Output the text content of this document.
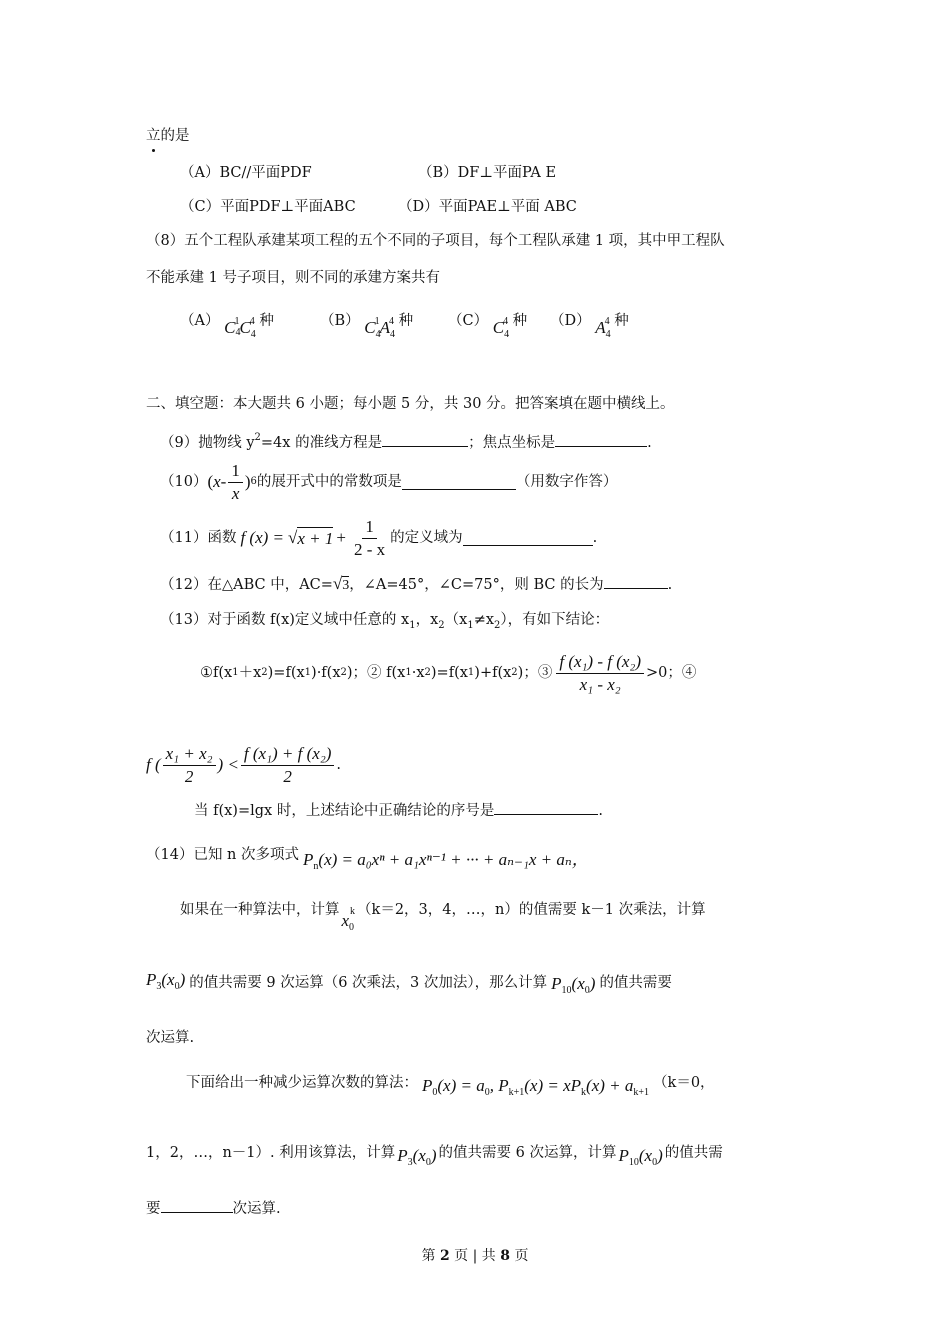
立的是
（A）BC//平面PDF	（B）DF⊥平面PA E
（C）平面PDF⊥平面ABC	（D）平面PAE⊥平面 ABC
（8）五个工程队承建某项工程的五个不同的子项目，每个工程队承建 1 项，其中甲工程队
不能承建 1 号子项目，则不同的承建方案共有
（A） $C_4^1C_4^4$ 种	（B） $C_4^1A_4^4$ 种 （C） $C_4^4$ 种 （D） $A_4^4$ 种
二、填空题：本大题共 6 小题；每小题 5 分，共 30 分。把答案填在题中横线上。
（9）抛物线 $y^2=4x$ 的准线方程是	；焦点坐标是	.
（10） ( x - $\frac{1}{x}$ ) 6 的展开式中的常数项是	（用数字作答）
（11）函数 f (x) = √ $x + 1 + \frac{1}{2 - x}$ 的定义域为	.
（12）在△ABC 中，AC=√3，∠A=45°，∠C=75°，则 BC 的长为	.
（13）对于函数 f(x)定义域中任意的 $x_1$，$x_2(x_1\ne x_2)$，有如下结论：
①f(x 1 ＋x 2 )=f(x 1 )·f(x 2 )；② f(x 1 ·x 2 )=f(x 1 )+f(x 2 )；③ $\frac{\text{f (x₁) - f (x₂)}}{\text{x₁ - x₂}} >0$；④
f ( $\frac{\text{x₁ + x₂}}{2}$ ) < $\frac{\text{f (x₁) + f (x₂)}}{2}$ .
当 f(x)=lgx 时，上述结论中正确结论的序号是	.
（14）已知 n 次多项式 $P_n(x) = a_0x^n + a_1x^{n-1}$ + ··· + aₙ₋₁x + aₙ，
如果在一种算法中，计算
$x_0^k$ （k＝2，3，4，…，n）的值需要 k－1 次乘法，计算
$P_3(x_0)$ 的值共需要 9 次运算（6 次乘法，3 次加法），那么计算 $P_{10}(x_0)$ 的值共需要
次运算.
下面给出一种减少运算次数的算法： $P_0(x) = a_0$, $P_{k+1}(x) = xP_k(x) + a_{k+1}$
（k＝0，
1，2，…，n－1）. 利用该算法，计算 $P_3(x_0)$ 的值共需要 6 次运算，计算 $P_{10}(x_0)$ 的值共需
要	次运算.
第 2 页 | 共 8 页
